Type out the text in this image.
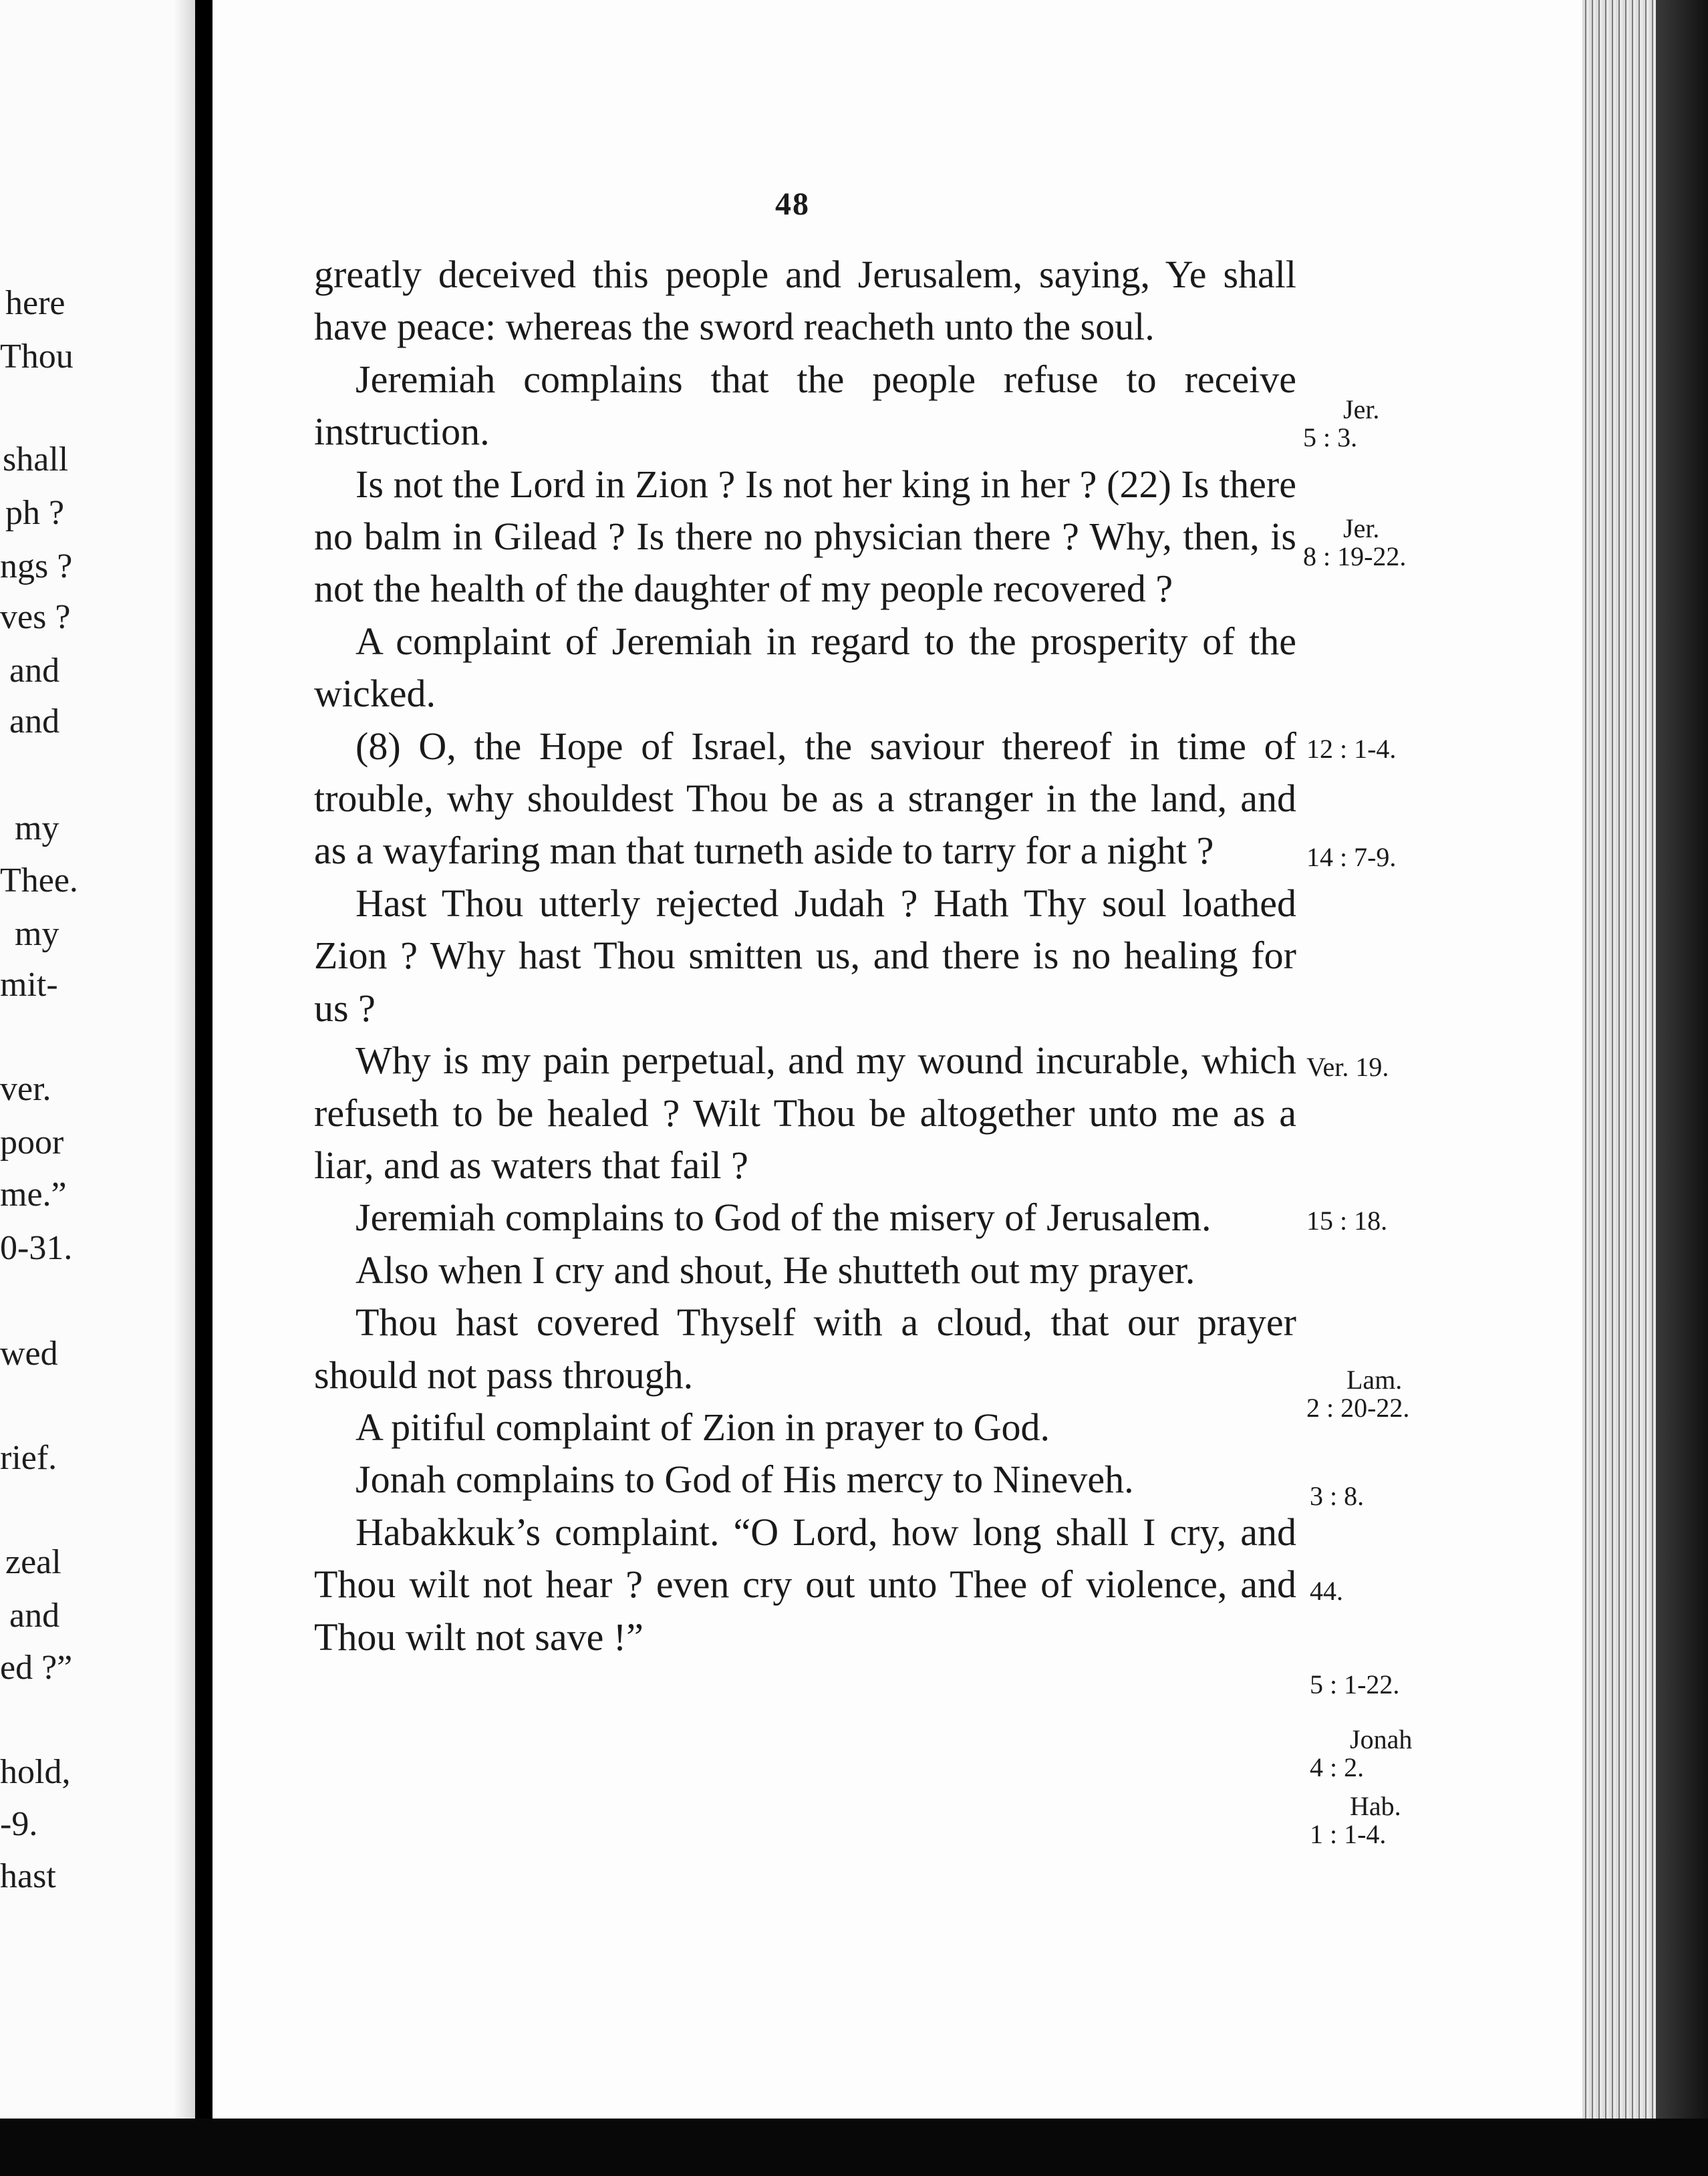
here
Thou
shall
ph ?
ngs ?
ves ?
and
and
my
Thee.
my
mit-
ver.
poor
me.”
0-31.
wed
rief.
zeal
and
ed ?”
hold,
-9.
hast
48

greatly deceived this people and Jerusalem, saying, Ye shall have peace: whereas the sword reacheth unto the soul.

Jeremiah complains that the people refuse to receive instruction.

Is not the Lord in Zion ? Is not her king in her ? (22) Is there no balm in Gilead ? Is there no physician there ? Why, then, is not the health of the daughter of my people recovered ?

A complaint of Jeremiah in regard to the prosperity of the wicked.

(8) O, the Hope of Israel, the saviour thereof in time of trouble, why shouldest Thou be as a stranger in the land, and as a wayfaring man that turneth aside to tarry for a night ?

Hast Thou utterly rejected Judah ? Hath Thy soul loathed Zion ? Why hast Thou smitten us, and there is no healing for us ?

Why is my pain perpetual, and my wound incurable, which refuseth to be healed ? Wilt Thou be altogether unto me as a liar, and as waters that fail ?

Jeremiah complains to God of the misery of Jerusalem.

Also when I cry and shout, He shutteth out my prayer.

Thou hast covered Thyself with a cloud, that our prayer should not pass through.

A pitiful complaint of Zion in prayer to God.

Jonah complains to God of His mercy to Nineveh.

Habakkuk’s complaint. “O Lord, how long shall I cry, and Thou wilt not hear ? even cry out unto Thee of violence, and Thou wilt not save !”

Jer.
5 : 3.
Jer.
8 : 19-22.
12 : 1-4.
14 : 7-9.
Ver. 19.
15 : 18.
Lam.
2 : 20-22.
3 : 8.
44.
5 : 1-22.
Jonah
4 : 2.
Hab.
1 : 1-4.
